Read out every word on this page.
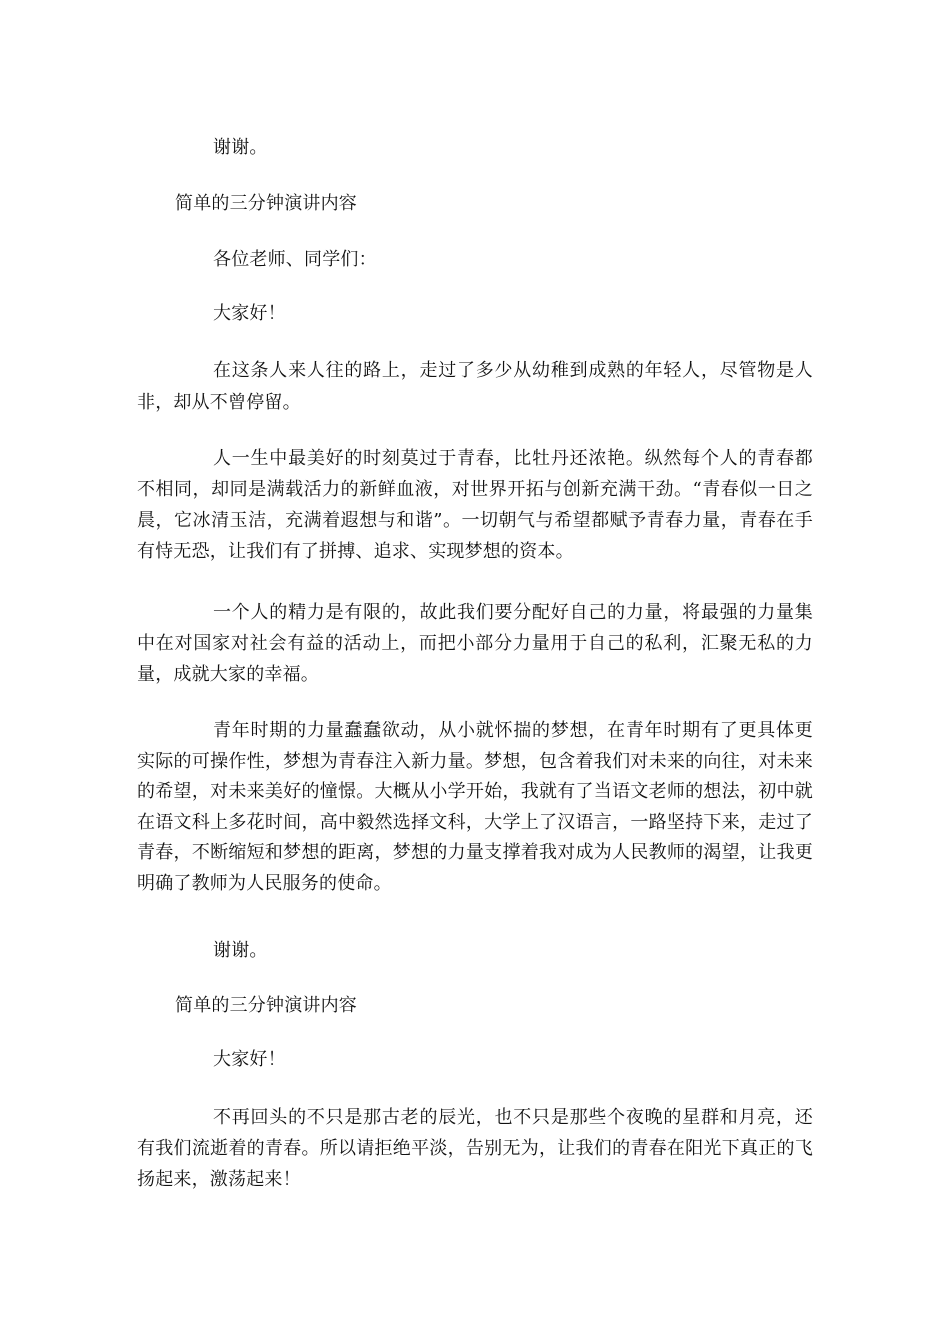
谢谢。

简单的三分钟演讲内容

各位老师、同学们：

大家好！

在这条人来人往的路上，走过了多少从幼稚到成熟的年轻人，尽管物是人非，却从不曾停留。

人一生中最美好的时刻莫过于青春，比牡丹还浓艳。纵然每个人的青春都不相同，却同是满载活力的新鲜血液，对世界开拓与创新充满干劲。“青春似一日之晨，它冰清玉洁，充满着遐想与和谐”。一切朝气与希望都赋予青春力量，青春在手有恃无恐，让我们有了拼搏、追求、实现梦想的资本。

一个人的精力是有限的，故此我们要分配好自己的力量，将最强的力量集中在对国家对社会有益的活动上，而把小部分力量用于自己的私利，汇聚无私的力量，成就大家的幸福。

青年时期的力量蠢蠢欲动，从小就怀揣的梦想，在青年时期有了更具体更实际的可操作性，梦想为青春注入新力量。梦想，包含着我们对未来的向往，对未来的希望，对未来美好的憧憬。大概从小学开始，我就有了当语文老师的想法，初中就在语文科上多花时间，高中毅然选择文科，大学上了汉语言，一路坚持下来，走过了青春，不断缩短和梦想的距离，梦想的力量支撑着我对成为人民教师的渴望，让我更明确了教师为人民服务的使命。

谢谢。

简单的三分钟演讲内容

大家好！

不再回头的不只是那古老的辰光，也不只是那些个夜晚的星群和月亮，还有我们流逝着的青春。所以请拒绝平淡，告别无为，让我们的青春在阳光下真正的飞扬起来，激荡起来！
